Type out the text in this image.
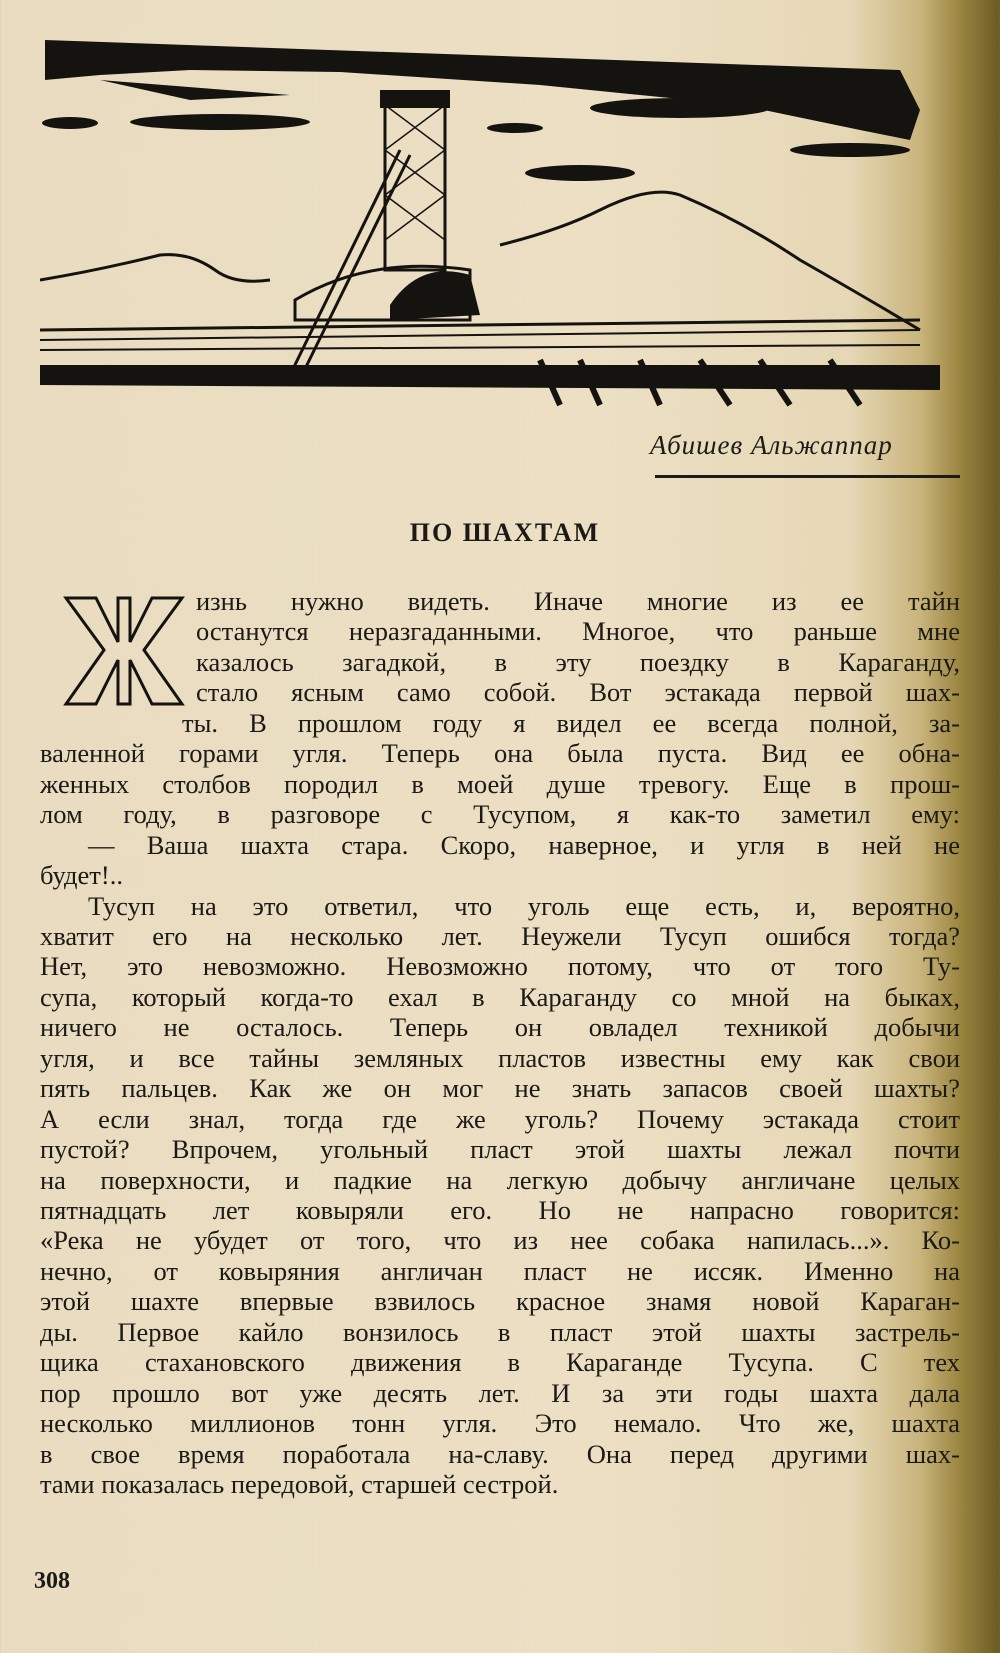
Абишев Альжаппар
ПО ШАХТАМ
изнь нужно видеть. Иначе многие из ее тайн
останутся неразгаданными. Многое, что раньше мне
казалось загадкой, в эту поездку в Караганду,
стало ясным само собой. Вот эстакада первой шах-
ты. В прошлом году я видел ее всегда полной, за-
валенной горами угля. Теперь она была пуста. Вид ее обна-
женных столбов породил в моей душе тревогу. Еще в прош-
лом году, в разговоре с Тусупом, я как-то заметил ему:
— Ваша шахта стара. Скоро, наверное, и угля в ней не
будет!..
Тусуп на это ответил, что уголь еще есть, и, вероятно,
хватит его на несколько лет. Неужели Тусуп ошибся тогда?
Нет, это невозможно. Невозможно потому, что от того Ту-
супа, который когда-то ехал в Караганду со мной на быках,
ничего не осталось. Теперь он овладел техникой добычи
угля, и все тайны земляных пластов известны ему как свои
пять пальцев. Как же он мог не знать запасов своей шахты?
А если знал, тогда где же уголь? Почему эстакада стоит
пустой? Впрочем, угольный пласт этой шахты лежал почти
на поверхности, и падкие на легкую добычу англичане целых
пятнадцать лет ковыряли его. Но не напрасно говорится:
«Река не убудет от того, что из нее собака напилась...». Ко-
нечно, от ковыряния англичан пласт не иссяк. Именно на
этой шахте впервые взвилось красное знамя новой Караган-
ды. Первое кайло вонзилось в пласт этой шахты застрель-
щика стахановского движения в Караганде Тусупа. С тех
пор прошло вот уже десять лет. И за эти годы шахта дала
несколько миллионов тонн угля. Это немало. Что же, шахта
в свое время поработала на-славу. Она перед другими шах-
тами показалась передовой, старшей сестрой.
308
